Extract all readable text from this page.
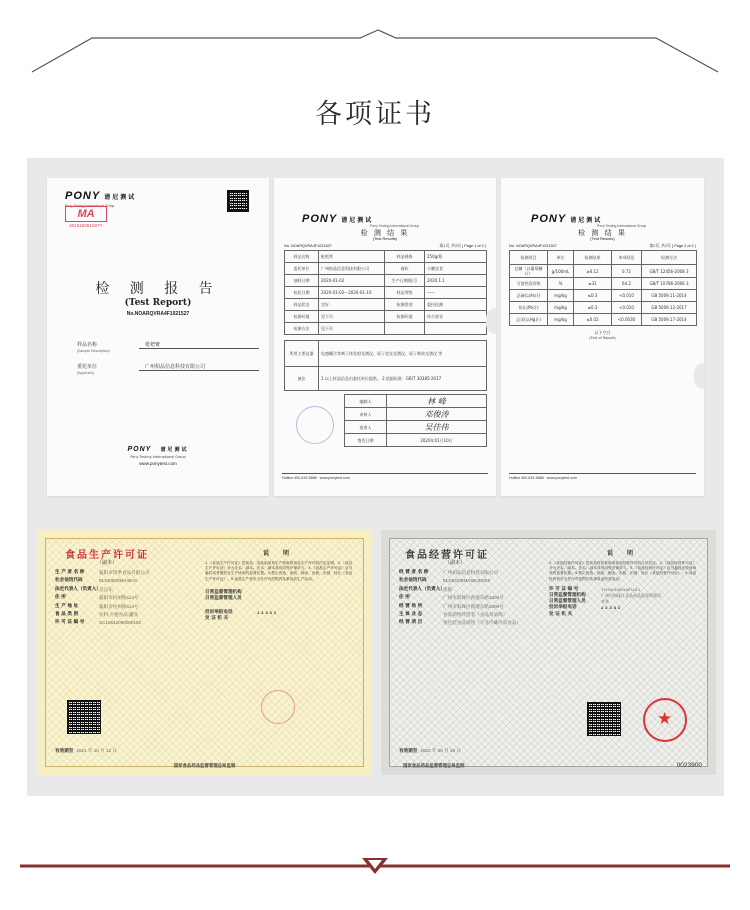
各项证书
PONY 谱尼测试
Pony Testing International Group
MA
201515051S07Y
检 测 报 告
(Test Report)
No.NOARQVRA4F1021527
样品名称	枇杷膏
(Sample Description)
委托单位	广州柏品信息科技有限公司
(Applicant)
PONY 谱尼测试
Pony Testing International Group
www.ponytest.com
PONY 谱尼测试
Pony Testing International Group
检 测 结 果
(Test Results)
No. NOARQVRA4F1021527	第1页, 共2页 ( Page 1 of 2 )
样品名称	枇杷膏	样品规格	250g/瓶
委托单位	广州柏品信息科技有限公司	商标	小鹏良食
抽样日期	2020-01-02	生产日期/批号	2020.1.1
检验日期	2020-01-02～2020-01-10	样品等级	——
样品状态	完好	检测类别	委托检测
检测环境	见下页	检测环境	符合要求
检测方法	见下页		
所用主要仪器	电感耦合等离子体发射光谱仪、原子荧光光谱仪、原子吸收光谱仪 等
备注	1.以上样品信息由委托单位提供。 2.依据标准：GB/T 30385-2017
编制人	林 峰
审核人	邓俊涛
批准人	吴佳伟
签发日期	2020年01月10日
Hotline 400-819-5688 · www.ponytest.com
PONY 谱尼测试
Pony Testing International Group
检 测 结 果
(Test Results)
No. NOARQVRA4F1021527	第2页, 共2页 ( Page 2 of 2 )
检测项目	单位	检测结果	单项结论	检测方法
总糖（以葡萄糖计）	g/100mL	≥0.12	0.72	GB/T 12456-2008 3
可溶性固形物	%	≥31	64.2	GB/T 10786-2006 3
总砷(以As计)	mg/kg	≤0.3	<0.010	GB 5009.11-2014
铅(以Pb计)	mg/kg	≤0.3	<0.010	GB 5009.12-2017
总汞(以Hg计)	mg/kg	≤0.02	<0.0030	GB 5009.17-2014
以下空白
(End of Report)
Hotline 400-819-5688 · www.ponytest.com
食品生产许可证
（副本）
生 产 者 名 称	襄阳市四季食品有限公司
社会信用代码	91420600MA48A0
法定代表人（负责人）
吴汉东
住 所	襄阳市杭州路114号
生 产 地 址	襄阳市杭州路114号
食 品 类 别	饮料;方便食品;罐头
许 可 证 编 号	SC10642060000182
说 明
1.《食品生产许可证》是食品、食品添加剂生产者取得食品生产许可的法定证明。2.《食品生产许可证》分为正本、副本。正本、副本具有同等法律效力。3.《食品生产许可证》应当悬挂或者摆放在生产场所的显著位置。4.禁止伪造、涂改、倒卖、出租、出借、转让《食品生产许可证》。5.食品生产者应当在许可范围内从事食品生产活动。
日常监督管理机构
日常监督管理人员
投诉举报电话	12331
发 证 机 关
有效期至 2021 年 10 月 12 日
国家食品药品监督管理总局监制
食品经营许可证
（副本）
经 营 者 名 称	广州柏品信息科技有限公司
社会信用代码	91440106MA59UD9X0
法定代表人（负责人）
张辉
住 所	广州市海珠区新港东路1000号
经 营 场 所	广州市海珠区新港东路1000号
主 体 业 态	食品销售经营者（食品贸易商）
经 营 项 目	预包装食品销售（不含冷藏冷冻食品）
说 明
1.《食品经营许可证》是食品经营者取得食品经营许可的合法凭证。2.《食品经营许可证》分为正本、副本。正本、副本具有同等法律效力。3.《食品经营许可证》应当悬挂在经营场所的显著位置。4.禁止伪造、涂改、倒卖、出租、出借、转让《食品经营许可证》。5.食品经营者应当在许可范围内从事食品经营活动。
许 可 证 编 号	JY14401050150718-1
日常监督管理机构	广州市海珠区食品药品监督管理局
日常监督管理人员	李华
投诉举报电话	12331
发 证 机 关
★
有效期至 2022 年 09 月 25 日
国家食品药品监督管理总局监制	0023900
